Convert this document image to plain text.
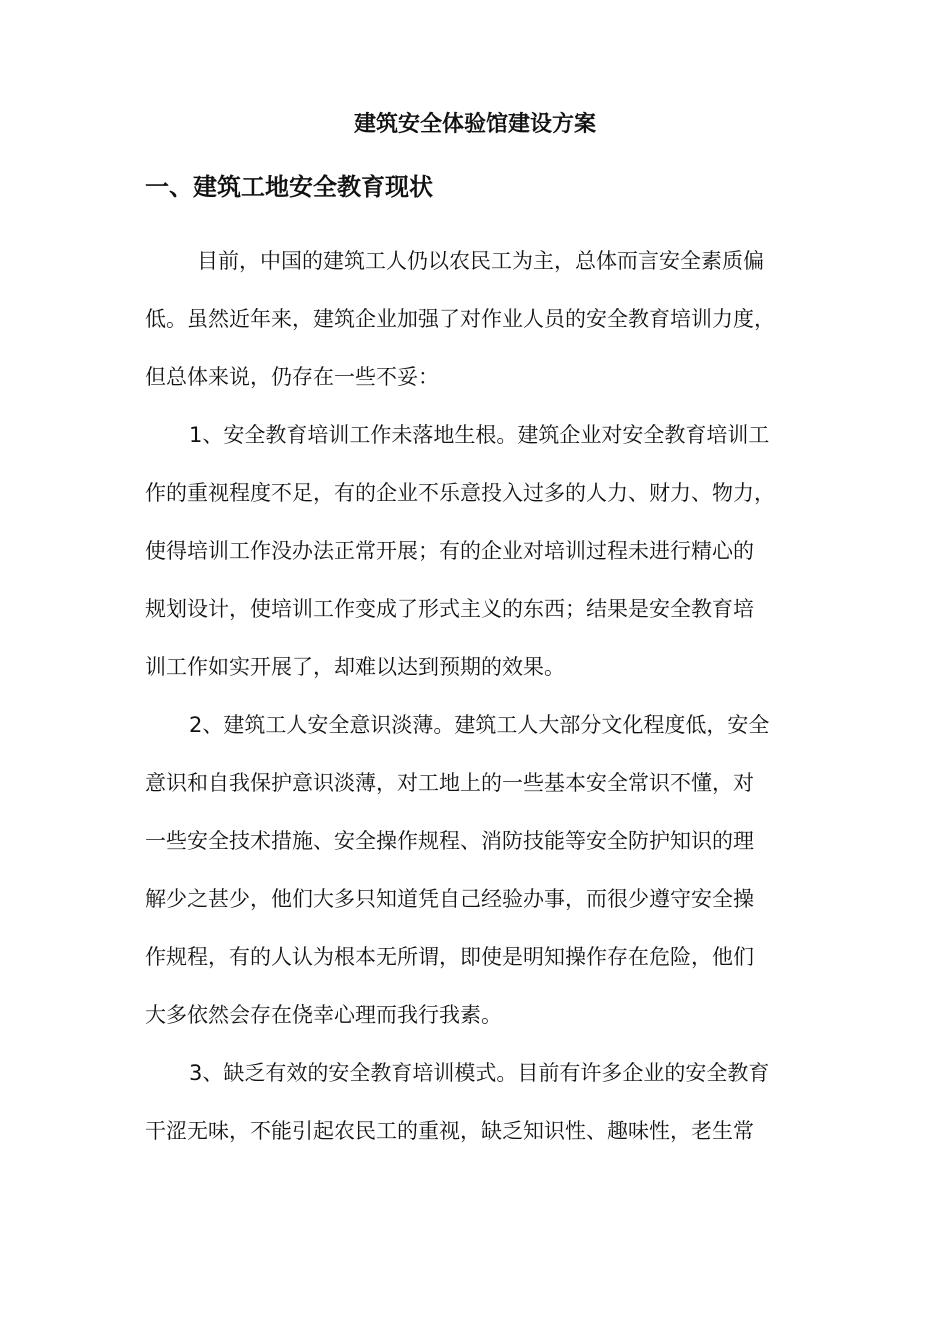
建筑安全体验馆建设方案
一、建筑工地安全教育现状

目前，中国的建筑工人仍以农民工为主，总体而言安全素质偏
低。虽然近年来，建筑企业加强了对作业人员的安全教育培训力度，
但总体来说，仍存在一些不妥：

1、安全教育培训工作未落地生根。建筑企业对安全教育培训工
作的重视程度不足，有的企业不乐意投入过多的人力、财力、物力，
使得培训工作没办法正常开展；有的企业对培训过程未进行精心的
规划设计，使培训工作变成了形式主义的东西；结果是安全教育培
训工作如实开展了，却难以达到预期的效果。

2、建筑工人安全意识淡薄。建筑工人大部分文化程度低，安全
意识和自我保护意识淡薄，对工地上的一些基本安全常识不懂，对
一些安全技术措施、安全操作规程、消防技能等安全防护知识的理
解少之甚少，他们大多只知道凭自己经验办事，而很少遵守安全操
作规程，有的人认为根本无所谓，即使是明知操作存在危险，他们
大多依然会存在侥幸心理而我行我素。

3、缺乏有效的安全教育培训模式。目前有许多企业的安全教育
干涩无味，不能引起农民工的重视，缺乏知识性、趣味性，老生常
